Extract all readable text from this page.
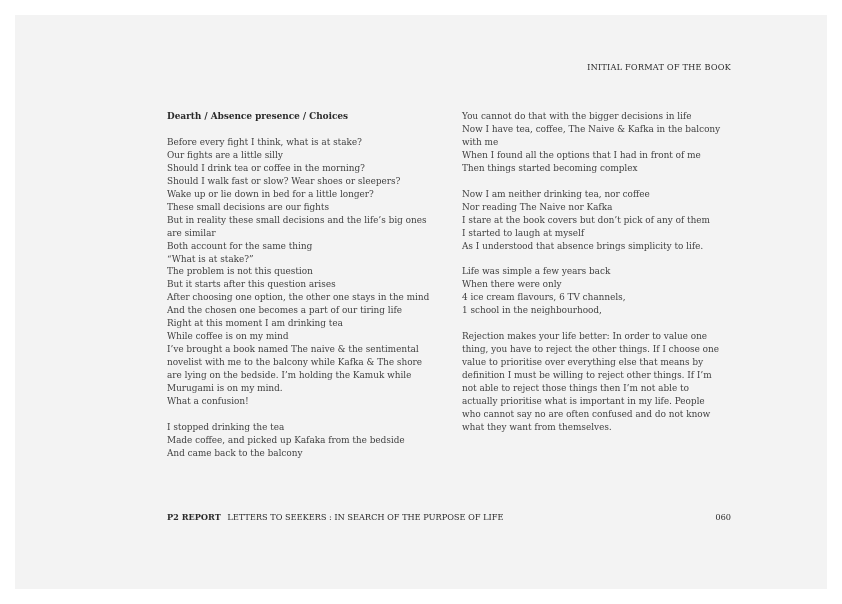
INITIAL FORMAT OF THE BOOK
Dearth / Absence presence / Choices
Before every fight I think, what is at stake?
Our fights are a little silly
Should I drink tea or coffee in the morning?
Should I walk fast or slow? Wear shoes or sleepers?
Wake up or lie down in bed for a little longer?
These small decisions are our fights
But in reality these small decisions and the life’s big ones
are similar
Both account for the same thing
“What is at stake?”
The problem is not this question
But it starts after this question arises
After choosing one option, the other one stays in the mind
And the chosen one becomes a part of our tiring life
Right at this moment I am drinking tea
While coffee is on my mind
I’ve brought a book named The naive & the sentimental
novelist with me to the balcony while Kafka & The shore
are lying on the bedside. I’m holding the Kamuk while
Murugami is on my mind.
What a confusion!
I stopped drinking the tea
Made coffee, and picked up Kafaka from the bedside
And came back to the balcony
You cannot do that with the bigger decisions in life
Now I have tea, coffee, The Naive & Kafka in the balcony
with me
When I found all the options that I had in front of me
Then things started becoming complex
Now I am neither drinking tea, nor coffee
Nor reading The Naive nor Kafka
I stare at the book covers but don’t pick of any of them
I started to laugh at myself
As I understood that absence brings simplicity to life.
Life was simple a few years back
When there were only
4 ice cream flavours, 6 TV channels,
1 school in the neighbourhood,
Rejection makes your life better: In order to value one
thing, you have to reject the other things. If I choose one
value to prioritise over everything else that means by
definition I must be willing to reject other things. If I’m
not able to reject those things then I’m not able to
actually prioritise what is important in my life. People
who cannot say no are often confused and do not know
what they want from themselves.
P2 REPORT LETTERS TO SEEKERS : IN SEARCH OF THE PURPOSE OF LIFE	060
